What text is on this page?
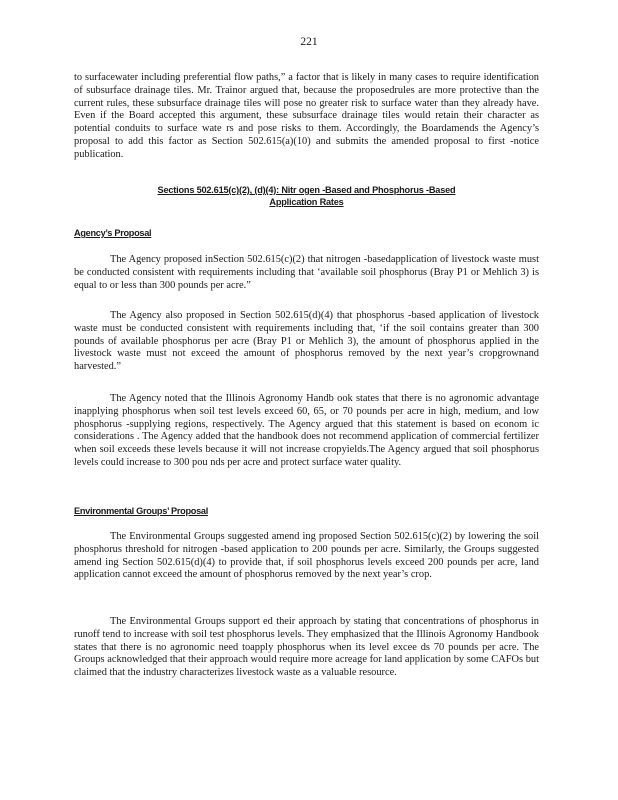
221

to surfacewater including preferential flow paths,” a factor that is likely in many cases to require identification of subsurface drainage tiles. Mr. Trainor argued that, because the proposedrules are more protective than the current rules, these subsurface drainage tiles will pose no greater risk to surface water than they already have. Even if the Board accepted this argument, these subsurface drainage tiles would retain their character as potential conduits to surface wate rs and pose risks to them. Accordingly, the Boardamends the Agency’s proposal to add this factor as Section 502.615(a)(10) and submits the amended proposal to first -notice publication.

Sections 502.615(c)(2), (d)(4): Nitr ogen -Based and Phosphorus -Based
Application Rates
Agency’s Proposal

The Agency proposed inSection 502.615(c)(2) that nitrogen -basedapplication of livestock waste must be conducted consistent with requirements including that ‘available soil phosphorus (Bray P1 or Mehlich 3) is equal to or less than 300 pounds per acre.”

The Agency also proposed in Section 502.615(d)(4) that phosphorus -based application of livestock waste must be conducted consistent with requirements including that, ‘if the soil contains greater than 300 pounds of available phosphorus per acre (Bray P1 or Mehlich 3), the amount of phosphorus applied in the livestock waste must not exceed the amount of phosphorus removed by the next year’s cropgrownand harvested.”

The Agency noted that the Illinois Agronomy Handb ook states that there is no agronomic advantage inapplying phosphorus when soil test levels exceed 60, 65, or 70 pounds per acre in high, medium, and low phosphorus -supplying regions, respectively. The Agency argued that this statement is based on econom ic considerations . The Agency added that the handbook does not recommend application of commercial fertilizer when soil exceeds these levels because it will not increase cropyields.The Agency argued that soil phosphorus levels could increase to 300 pou nds per acre and protect surface water quality.

Environmental Groups’ Proposal

The Environmental Groups suggested amend ing proposed Section 502.615(c)(2) by lowering the soil phosphorus threshold for nitrogen -based application to 200 pounds per acre. Similarly, the Groups suggested amend ing Section 502.615(d)(4) to provide that, if soil phosphorus levels exceed 200 pounds per acre, land application cannot exceed the amount of phosphorus removed by the next year’s crop.

The Environmental Groups support ed their approach by stating that concentrations of phosphorus in runoff tend to increase with soil test phosphorus levels. They emphasized that the Illinois Agronomy Handbook states that there is no agronomic need toapply phosphorus when its level excee ds 70 pounds per acre. The Groups acknowledged that their approach would require more acreage for land application by some CAFOs but claimed that the industry characterizes livestock waste as a valuable resource.
